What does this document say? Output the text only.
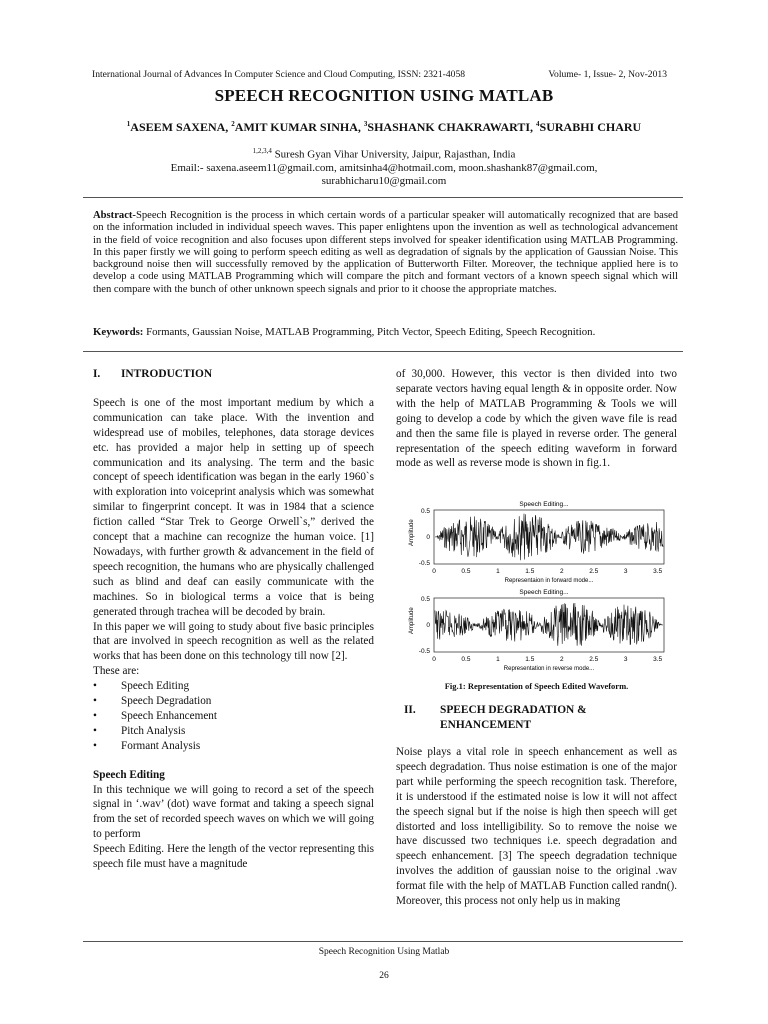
International Journal of Advances In Computer Science and Cloud Computing, ISSN: 2321-4058	Volume- 1, Issue- 2, Nov-2013
SPEECH RECOGNITION USING MATLAB
$^1$ASEEM SAXENA, $^2$AMIT KUMAR SINHA, $^3$SHASHANK CHAKRAWARTI, $^4$SURABHI CHARU
$^{1,2,3,4}$ Suresh Gyan Vihar University, Jaipur, Rajasthan, India
Email:- saxena.aseem11@gmail.com, amitsinha4@hotmail.com, moon.shashank87@gmail.com,
surabhicharu10@gmail.com
Abstract-Speech Recognition is the process in which certain words of a particular speaker will automatically recognized that are based on the information included in individual speech waves. This paper enlightens upon the invention as well as technological advancement in the field of voice recognition and also focuses upon different steps involved for speaker identification using MATLAB Programming. In this paper firstly we will going to perform speech editing as well as degradation of signals by the application of Gaussian Noise. This background noise then will successfully removed by the application of Butterworth Filter. Moreover, the technique applied here is to develop a code using MATLAB Programming which will compare the pitch and formant vectors of a known speech signal which will then compare with the bunch of other unknown speech signals and prior to it choose the appropriate matches.
Keywords: Formants, Gaussian Noise, MATLAB Programming, Pitch Vector, Speech Editing, Speech Recognition.
I.	INTRODUCTION

Speech is one of the most important medium by which a communication can take place. With the invention and widespread use of mobiles, telephones, data storage devices etc. has provided a major help in setting up of speech communication and its analysing. The term and the basic concept of speech identification was began in the early 1960`s with exploration into voiceprint analysis which was somewhat similar to fingerprint concept. It was in 1984 that a science fiction called “Star Trek to George Orwell`s,” derived the concept that a machine can recognize the human voice. [1] Nowadays, with further growth & advancement in the field of speech recognition, the humans who are physically challenged such as blind and deaf can easily communicate with the machines. So in biological terms a voice that is being generated through trachea will be decoded by brain.

In this paper we will going to study about five basic principles that are involved in speech recognition as well as the related works that has been done on this technology till now [2].

These are:

•	Speech Editing
•	Speech Degradation
•	Speech Enhancement
•	Pitch Analysis
•	Formant Analysis

Speech Editing

In this technique we will going to record a set of the speech signal in ‘.wav’ (dot) wave format and taking a speech signal from the set of recorded speech waves on which we will going to perform

Speech Editing. Here the length of the vector representing this speech file must have a magnitude

of 30,000. However, this vector is then divided into two separate vectors having equal length & in opposite order. Now with the help of MATLAB Programming & Tools we will going to develop a code by which the given wave file is read and then the same file is played in reverse order. The general representation of the speech editing waveform in forward mode as well as reverse mode is shown in fig.1.

Speech Editing...
0.5
0
-0.5
Amplitude
0	0.5	1	1.5	2	2.5	3	3.5
Representaion in forward mode...
Speech Editing...
0.5
0
-0.5
Amplitude
0	0.5	1	1.5	2	2.5	3	3.5
Representation in reverse mode...
Fig.1: Representation of Speech Edited Waveform.
II.	SPEECH DEGRADATION &
ENHANCEMENT

Noise plays a vital role in speech enhancement as well as speech degradation. Thus noise estimation is one of the major part while performing the speech recognition task. Therefore, it is understood if the estimated noise is low it will not affect the speech signal but if the noise is high then speech will get distorted and loss intelligibility. So to remove the noise we have discussed two techniques i.e. speech degradation and speech enhancement. [3] The speech degradation technique involves the addition of gaussian noise to the original .wav format file with the help of MATLAB Function called randn(). Moreover, this process not only help us in making

Speech Recognition Using Matlab
26
